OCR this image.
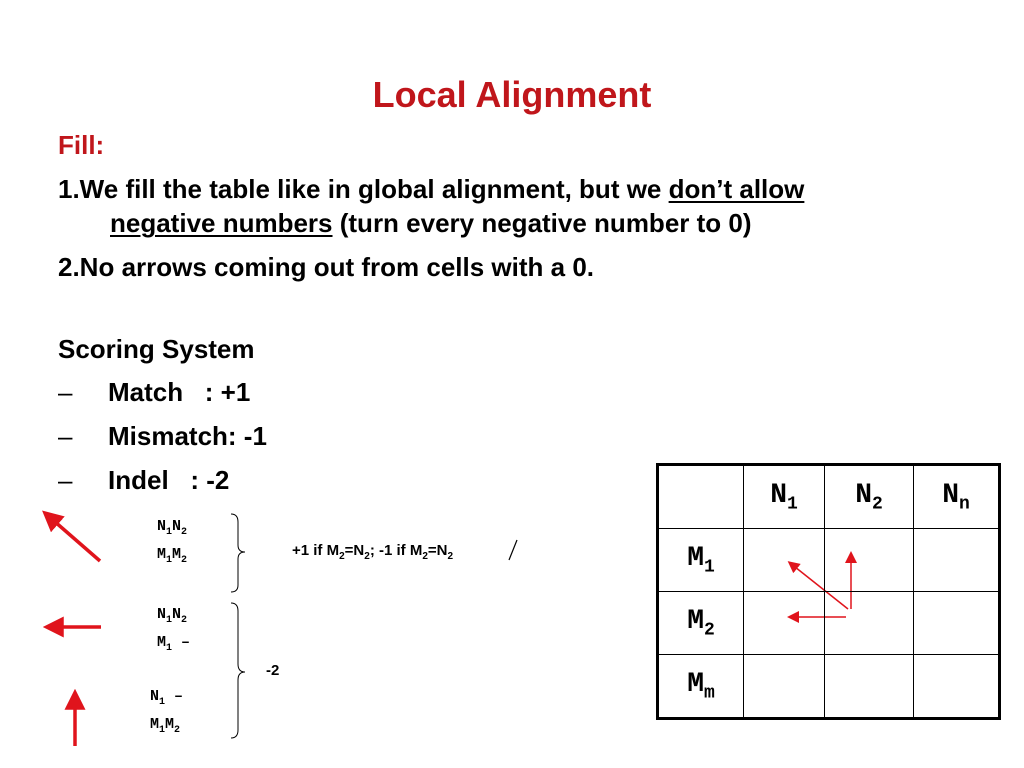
Local Alignment
Fill:
1.We fill the table like in global alignment, but we don’t allow
negative numbers (turn every negative number to 0)
2.No arrows coming out from cells with a 0.
Scoring System
– Match   : +1
– Mismatch: -1
– Indel   : -2
$N_1N_2$
$M_1M_2$
$N_1N_2$
$M_1$ –
$N_1$ –
$M_1M_2$
+1 if $M_2=N_2$; -1 if $M_2=N_2$
-2
	$N_1$	$N_2$	$N_n$
$M_1$			
$M_2$			
$M_m$			
